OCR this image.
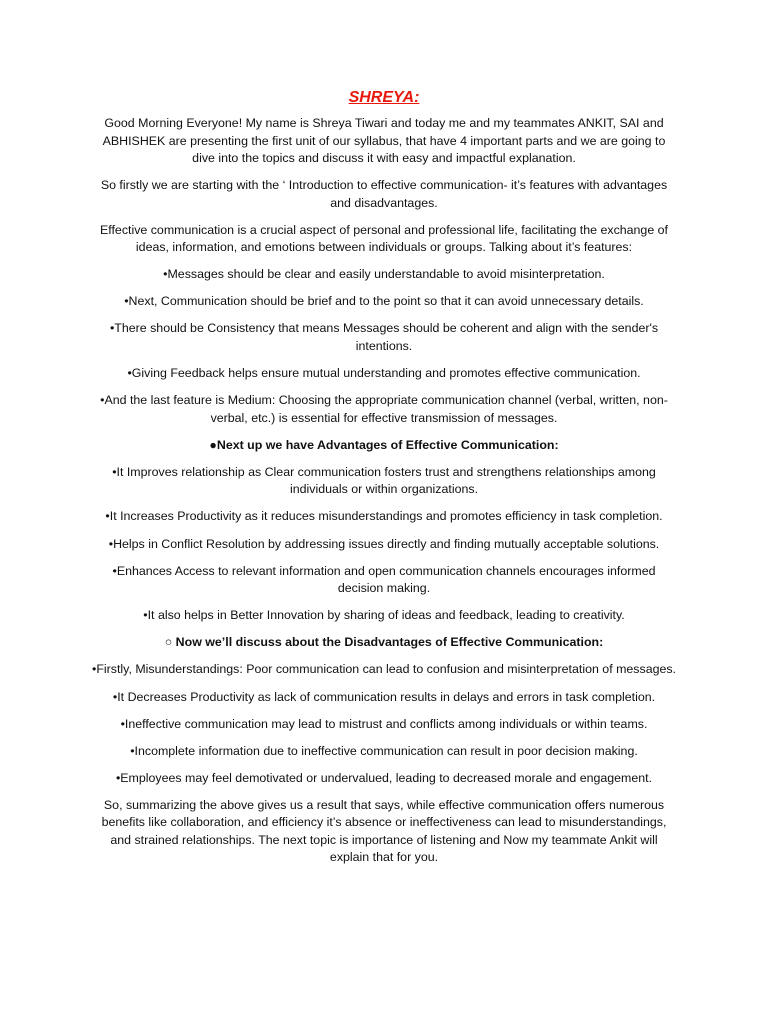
SHREYA:

Good Morning Everyone! My name is Shreya Tiwari and today me and my teammates ANKIT, SAI and ABHISHEK are presenting the first unit of our syllabus, that have 4 important parts and we are going to dive into the topics and discuss it with easy and impactful explanation.

So firstly we are starting with the ‘ Introduction to effective communication- it’s features with advantages and disadvantages.

Effective communication is a crucial aspect of personal and professional life, facilitating the exchange of ideas, information, and emotions between individuals or groups. Talking about it’s features:

•Messages should be clear and easily understandable to avoid misinterpretation.

•Next, Communication should be brief and to the point so that it can avoid unnecessary details.

•There should be Consistency that means Messages should be coherent and align with the sender's intentions.

•Giving Feedback helps ensure mutual understanding and promotes effective communication.

•And the last feature is Medium: Choosing the appropriate communication channel (verbal, written, non-verbal, etc.) is essential for effective transmission of messages.

●Next up we have Advantages of Effective Communication:

•It Improves relationship as Clear communication fosters trust and strengthens relationships among individuals or within organizations.

•It Increases Productivity as it reduces misunderstandings and promotes efficiency in task completion.

•Helps in Conflict Resolution by addressing issues directly and finding mutually acceptable solutions.

•Enhances Access to relevant information and open communication channels encourages informed decision making.

•It also helps in Better Innovation by sharing of ideas and feedback, leading to creativity.

○ Now we’ll discuss about the Disadvantages of Effective Communication:

•Firstly, Misunderstandings: Poor communication can lead to confusion and misinterpretation of messages.

•It Decreases Productivity as lack of communication results in delays and errors in task completion.

•Ineffective communication may lead to mistrust and conflicts among individuals or within teams.

•Incomplete information due to ineffective communication can result in poor decision making.

•Employees may feel demotivated or undervalued, leading to decreased morale and engagement.

So, summarizing the above gives us a result that says, while effective communication offers numerous benefits like collaboration, and efficiency it’s absence or ineffectiveness can lead to misunderstandings, and strained relationships. The next topic is importance of listening and Now my teammate Ankit will explain that for you.
